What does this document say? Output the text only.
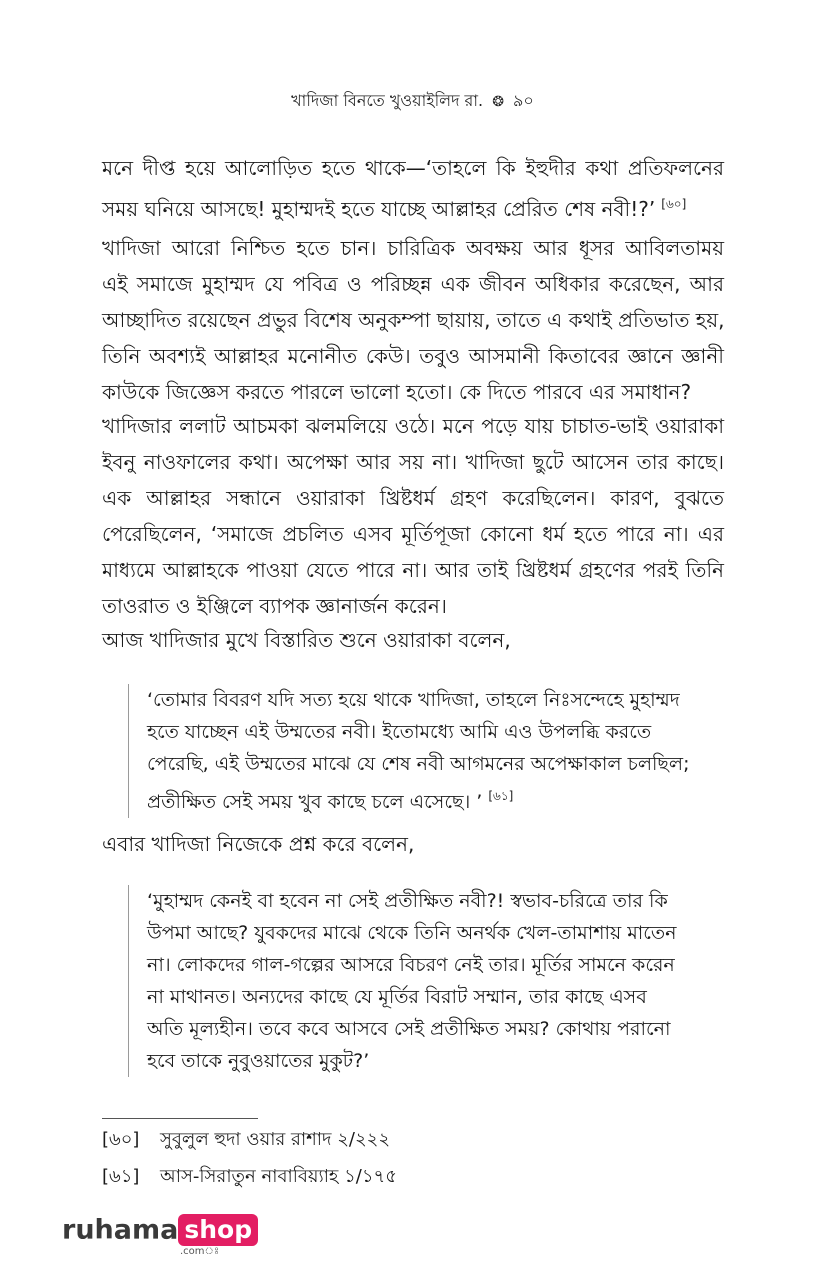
খাদিজা বিনতে খুওয়াইলিদ রা. ❂ ৯০

মনে দীপ্ত হয়ে আলোড়িত হতে থাকে—‘তাহলে কি ইহুদীর কথা প্রতিফলনের
সময় ঘনিয়ে আসছে! মুহাম্মদই হতে যাচ্ছে আল্লাহর প্রেরিত শেষ নবী!?’ [৬০]

খাদিজা আরো নিশ্চিত হতে চান। চারিত্রিক অবক্ষয় আর ধূসর আবিলতাময়
এই সমাজে মুহাম্মদ যে পবিত্র ও পরিচ্ছন্ন এক জীবন অধিকার করেছেন, আর
আচ্ছাদিত রয়েছেন প্রভুর বিশেষ অনুকম্পা ছায়ায়, তাতে এ কথাই প্রতিভাত হয়,
তিনি অবশ্যই আল্লাহর মনোনীত কেউ। তবুও আসমানী কিতাবের জ্ঞানে জ্ঞানী
কাউকে জিজ্ঞেস করতে পারলে ভালো হতো। কে দিতে পারবে এর সমাধান?

খাদিজার ললাট আচমকা ঝলমলিয়ে ওঠে। মনে পড়ে যায় চাচাত-ভাই ওয়ারাকা
ইবনু নাওফালের কথা। অপেক্ষা আর সয় না। খাদিজা ছুটে আসেন তার কাছে।
এক আল্লাহর সন্ধানে ওয়ারাকা খ্রিষ্টধর্ম গ্রহণ করেছিলেন। কারণ, বুঝতে
পেরেছিলেন, ‘সমাজে প্রচলিত এসব মূর্তিপূজা কোনো ধর্ম হতে পারে না। এর
মাধ্যমে আল্লাহকে পাওয়া যেতে পারে না। আর তাই খ্রিষ্টধর্ম গ্রহণের পরই তিনি
তাওরাত ও ইঞ্জিলে ব্যাপক জ্ঞানার্জন করেন।

আজ খাদিজার মুখে বিস্তারিত শুনে ওয়ারাকা বলেন,

‘তোমার বিবরণ যদি সত্য হয়ে থাকে খাদিজা, তাহলে নিঃসন্দেহে মুহাম্মদ
হতে যাচ্ছেন এই উম্মতের নবী। ইতোমধ্যে আমি এও উপলব্ধি করতে
পেরেছি, এই উম্মতের মাঝে যে শেষ নবী আগমনের অপেক্ষাকাল চলছিল;
প্রতীক্ষিত সেই সময় খুব কাছে চলে এসেছে। ’ [৬১]

এবার খাদিজা নিজেকে প্রশ্ন করে বলেন,

‘মুহাম্মদ কেনই বা হবেন না সেই প্রতীক্ষিত নবী?! স্বভাব-চরিত্রে তার কি
উপমা আছে? যুবকদের মাঝে থেকে তিনি অনর্থক খেল-তামাশায় মাতেন
না। লোকদের গাল-গল্পের আসরে বিচরণ নেই তার। মূর্তির সামনে করেন
না মাথানত। অন্যদের কাছে যে মূর্তির বিরাট সম্মান, তার কাছে এসব
অতি মূল্যহীন। তবে কবে আসবে সেই প্রতীক্ষিত সময়? কোথায় পরানো
হবে তাকে নুবুওয়াতের মুকুট?’
[৬০] সুবুলুল হুদা ওয়ার রাশাদ ২/২২২
[৬১] আস-সিরাতুন নাবাবিয়্যাহ ১/১৭৫
ruhama shop
.comঃ
